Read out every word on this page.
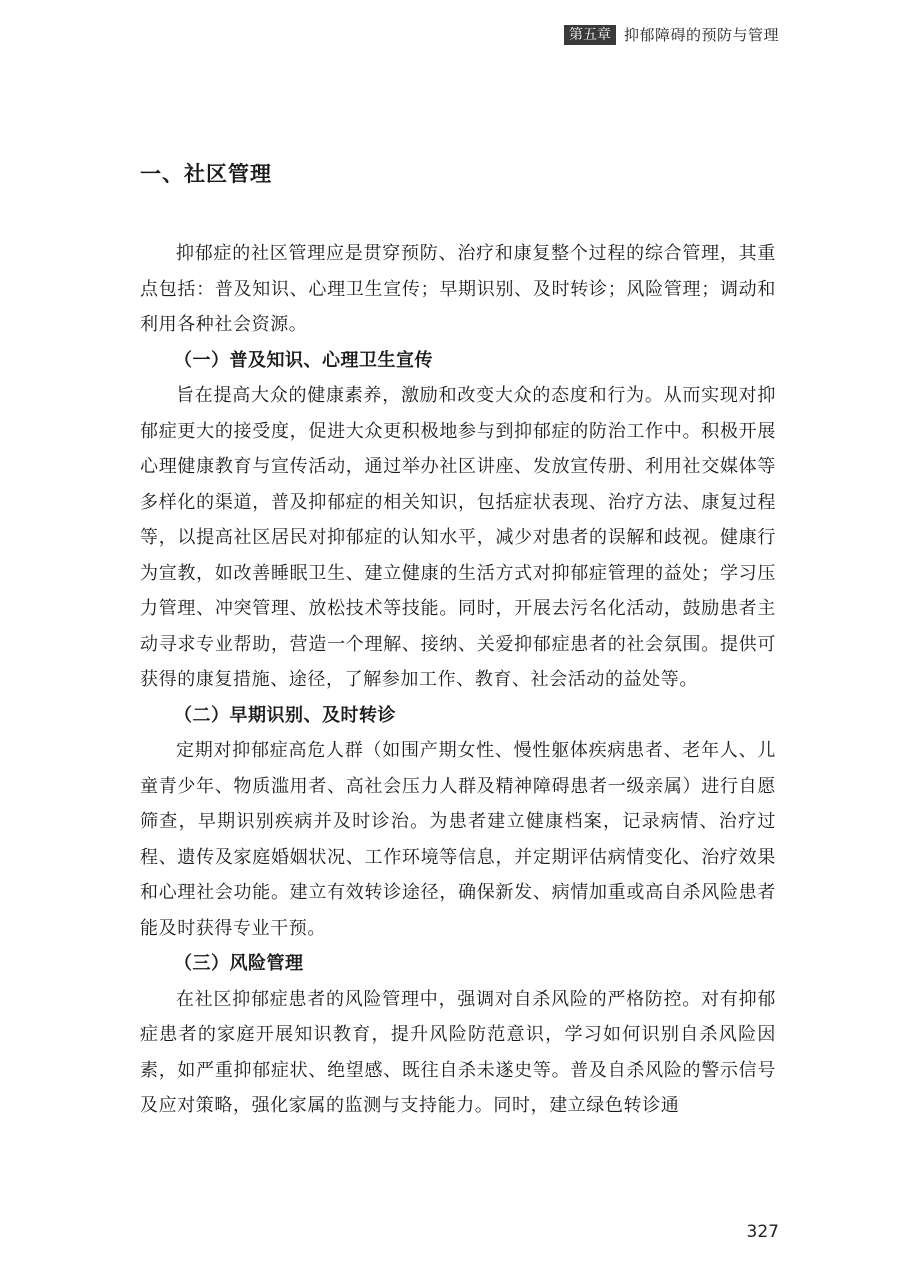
第五章 抑郁障碍的预防与管理
一、社区管理

抑郁症的社区管理应是贯穿预防、治疗和康复整个过程的综合管理，其重点包括：普及知识、心理卫生宣传；早期识别、及时转诊；风险管理；调动和利用各种社会资源。

（一）普及知识、心理卫生宣传

旨在提高大众的健康素养，激励和改变大众的态度和行为。从而实现对抑郁症更大的接受度，促进大众更积极地参与到抑郁症的防治工作中。积极开展心理健康教育与宣传活动，通过举办社区讲座、发放宣传册、利用社交媒体等多样化的渠道，普及抑郁症的相关知识，包括症状表现、治疗方法、康复过程等，以提高社区居民对抑郁症的认知水平，减少对患者的误解和歧视。健康行为宣教，如改善睡眠卫生、建立健康的生活方式对抑郁症管理的益处；学习压力管理、冲突管理、放松技术等技能。同时，开展去污名化活动，鼓励患者主动寻求专业帮助，营造一个理解、接纳、关爱抑郁症患者的社会氛围。提供可获得的康复措施、途径，了解参加工作、教育、社会活动的益处等。

（二）早期识别、及时转诊

定期对抑郁症高危人群（如围产期女性、慢性躯体疾病患者、老年人、儿童青少年、物质滥用者、高社会压力人群及精神障碍患者一级亲属）进行自愿筛查，早期识别疾病并及时诊治。为患者建立健康档案，记录病情、治疗过程、遗传及家庭婚姻状况、工作环境等信息，并定期评估病情变化、治疗效果和心理社会功能。建立有效转诊途径，确保新发、病情加重或高自杀风险患者能及时获得专业干预。

（三）风险管理

在社区抑郁症患者的风险管理中，强调对自杀风险的严格防控。对有抑郁症患者的家庭开展知识教育，提升风险防范意识，学习如何识别自杀风险因素，如严重抑郁症状、绝望感、既往自杀未遂史等。普及自杀风险的警示信号及应对策略，强化家属的监测与支持能力。同时，建立绿色转诊通

327
